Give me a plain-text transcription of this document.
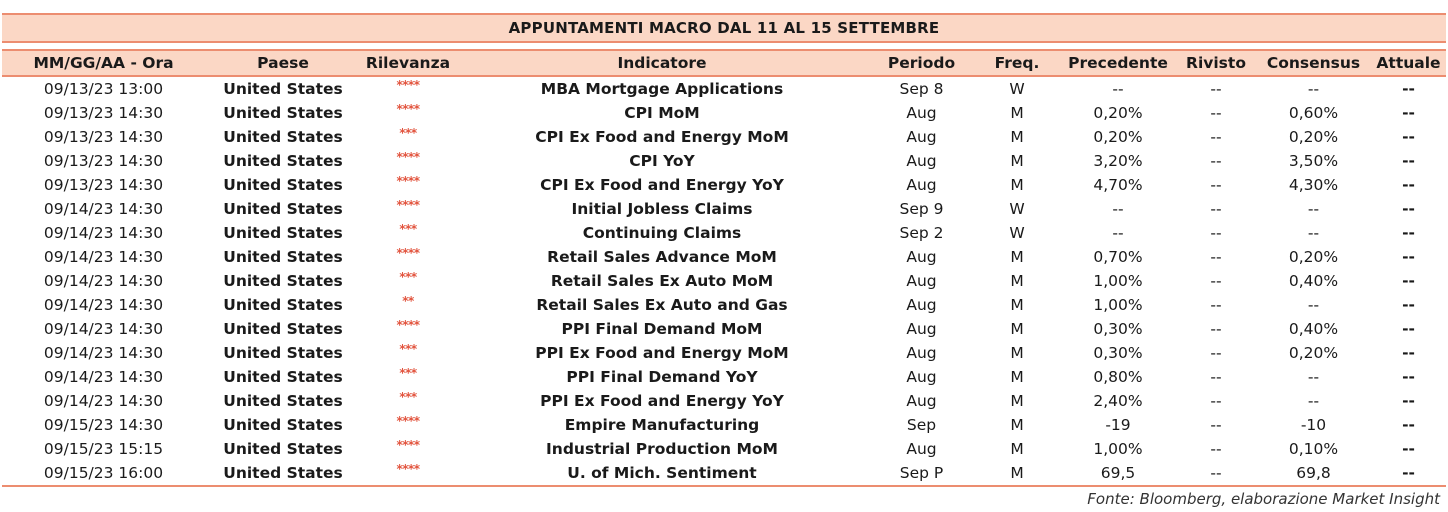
APPUNTAMENTI MACRO DAL 11 AL 15 SETTEMBRE
MM/GG/AA - Ora	Paese	Rilevanza	Indicatore	Periodo	Freq.	Precedente	Rivisto	Consensus	Attuale
09/13/23 13:00	United States	****	MBA Mortgage Applications	Sep 8	W	--	--	--	--
09/13/23 14:30	United States	****	CPI MoM	Aug	M	0,20%	--	0,60%	--
09/13/23 14:30	United States	***	CPI Ex Food and Energy MoM	Aug	M	0,20%	--	0,20%	--
09/13/23 14:30	United States	****	CPI YoY	Aug	M	3,20%	--	3,50%	--
09/13/23 14:30	United States	****	CPI Ex Food and Energy YoY	Aug	M	4,70%	--	4,30%	--
09/14/23 14:30	United States	****	Initial Jobless Claims	Sep 9	W	--	--	--	--
09/14/23 14:30	United States	***	Continuing Claims	Sep 2	W	--	--	--	--
09/14/23 14:30	United States	****	Retail Sales Advance MoM	Aug	M	0,70%	--	0,20%	--
09/14/23 14:30	United States	***	Retail Sales Ex Auto MoM	Aug	M	1,00%	--	0,40%	--
09/14/23 14:30	United States	**	Retail Sales Ex Auto and Gas	Aug	M	1,00%	--	--	--
09/14/23 14:30	United States	****	PPI Final Demand MoM	Aug	M	0,30%	--	0,40%	--
09/14/23 14:30	United States	***	PPI Ex Food and Energy MoM	Aug	M	0,30%	--	0,20%	--
09/14/23 14:30	United States	***	PPI Final Demand YoY	Aug	M	0,80%	--	--	--
09/14/23 14:30	United States	***	PPI Ex Food and Energy YoY	Aug	M	2,40%	--	--	--
09/15/23 14:30	United States	****	Empire Manufacturing	Sep	M	-19	--	-10	--
09/15/23 15:15	United States	****	Industrial Production MoM	Aug	M	1,00%	--	0,10%	--
09/15/23 16:00	United States	****	U. of Mich. Sentiment	Sep P	M	69,5	--	69,8	--
Fonte: Bloomberg, elaborazione Market Insight
